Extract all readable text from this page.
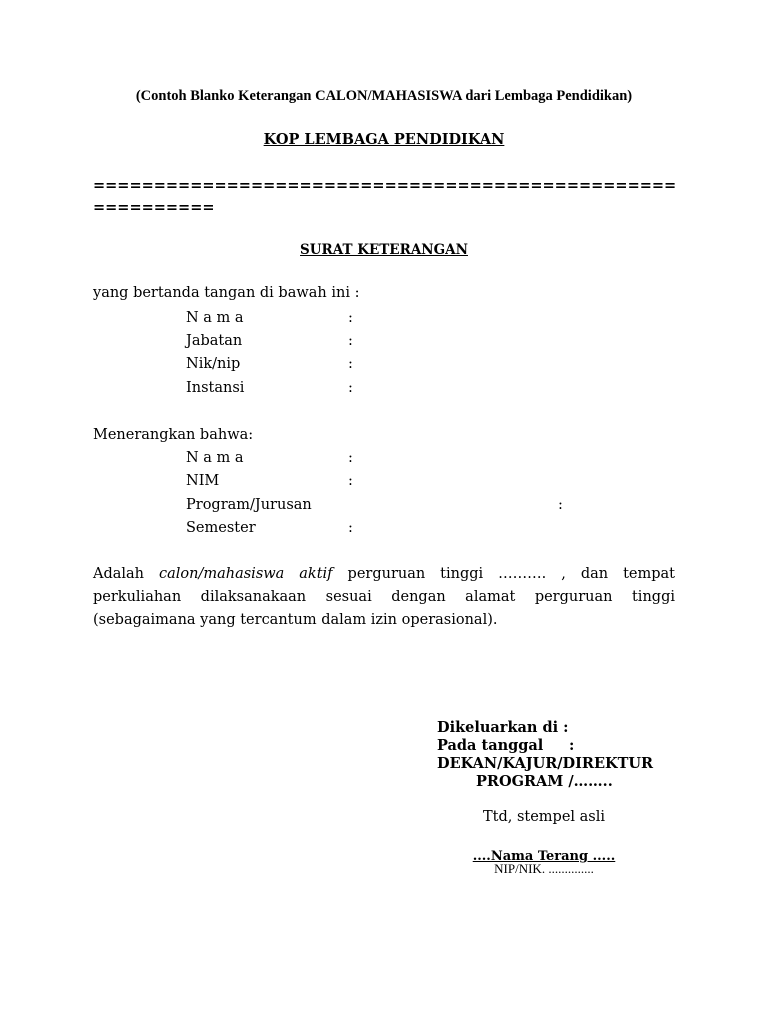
(Contoh Blanko Keterangan CALON/MAHASISWA dari Lembaga Pendidikan)
KOP LEMBAGA PENDIDIKAN
================================================
==========
SURAT KETERANGAN
yang bertanda tangan di bawah ini :
N a m a	:
Jabatan	:
Nik/nip	:
Instansi	:
Menerangkan bahwa:
N a m a	:
NIM	:
Program/Jurusan	:
Semester	:
Adalah calon/mahasiswa aktif perguruan tinggi ………. , dan tempat perkuliahan dilaksanakaan sesuai dengan alamat perguruan tinggi (sebagaimana yang tercantum dalam izin operasional).
Dikeluarkan di :
Pada tanggal :
DEKAN/KAJUR/DIREKTUR
PROGRAM /……..
Ttd, stempel asli
....Nama Terang .....
NIP/NIK. ..............
